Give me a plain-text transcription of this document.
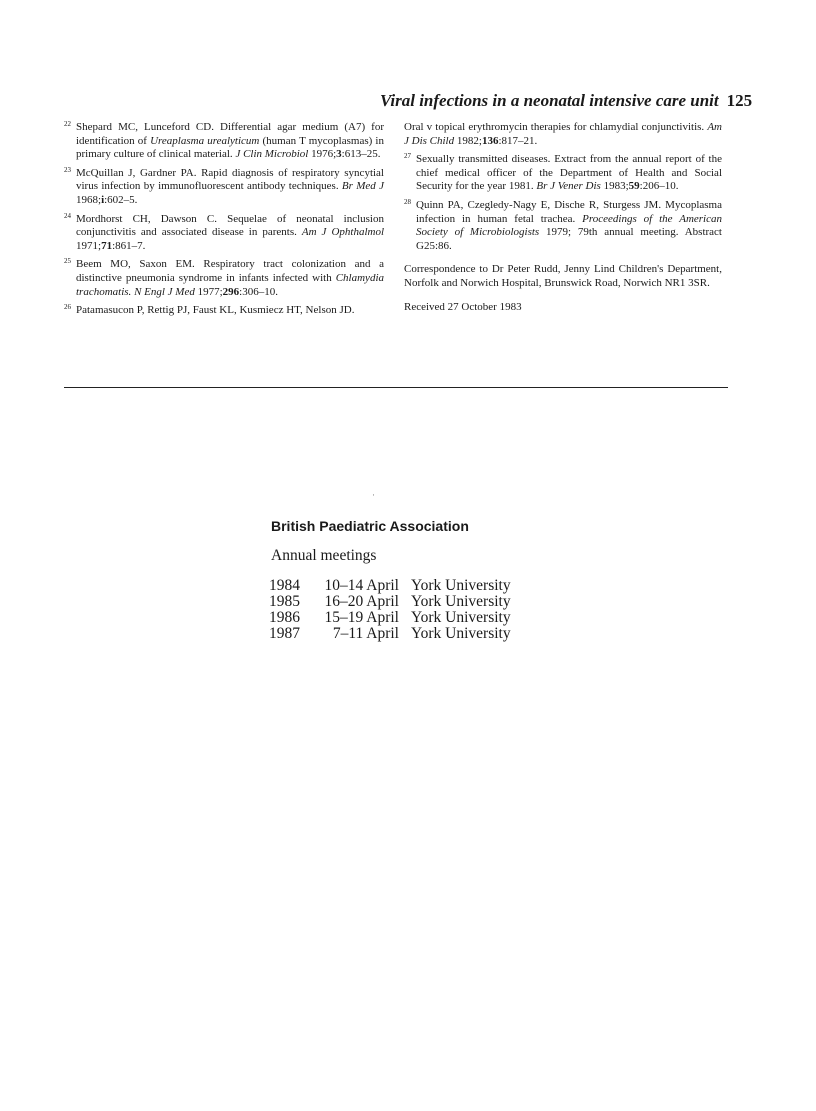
Viral infections in a neonatal intensive care unit 125
22 Shepard MC, Lunceford CD. Differential agar medium (A7) for identification of Ureaplasma urealyticum (human T mycoplasmas) in primary culture of clinical material. J Clin Microbiol 1976;3:613–25.
23 McQuillan J, Gardner PA. Rapid diagnosis of respiratory syncytial virus infection by immunofluorescent antibody techniques. Br Med J 1968;i:602–5.
24 Mordhorst CH, Dawson C. Sequelae of neonatal inclusion conjunctivitis and associated disease in parents. Am J Ophthalmol 1971;71:861–7.
25 Beem MO, Saxon EM. Respiratory tract colonization and a distinctive pneumonia syndrome in infants infected with Chlamydia trachomatis. N Engl J Med 1977;296:306–10.
26 Patamasucon P, Rettig PJ, Faust KL, Kusmiecz HT, Nelson JD.
Oral v topical erythromycin therapies for chlamydial conjunctivitis. Am J Dis Child 1982;136:817–21.
27 Sexually transmitted diseases. Extract from the annual report of the chief medical officer of the Department of Health and Social Security for the year 1981. Br J Vener Dis 1983;59:206–10.
28 Quinn PA, Czegledy-Nagy E, Dische R, Sturgess JM. Mycoplasma infection in human fetal trachea. Proceedings of the American Society of Microbiologists 1979; 79th annual meeting. Abstract G25:86.
Correspondence to Dr Peter Rudd, Jenny Lind Children's Department, Norfolk and Norwich Hospital, Brunswick Road, Norwich NR1 3SR.
Received 27 October 1983
·
British Paediatric Association
Annual meetings
1984	10–14 April	York University
1985	16–20 April	York University
1986	15–19 April	York University
1987	7–11 April	York University
